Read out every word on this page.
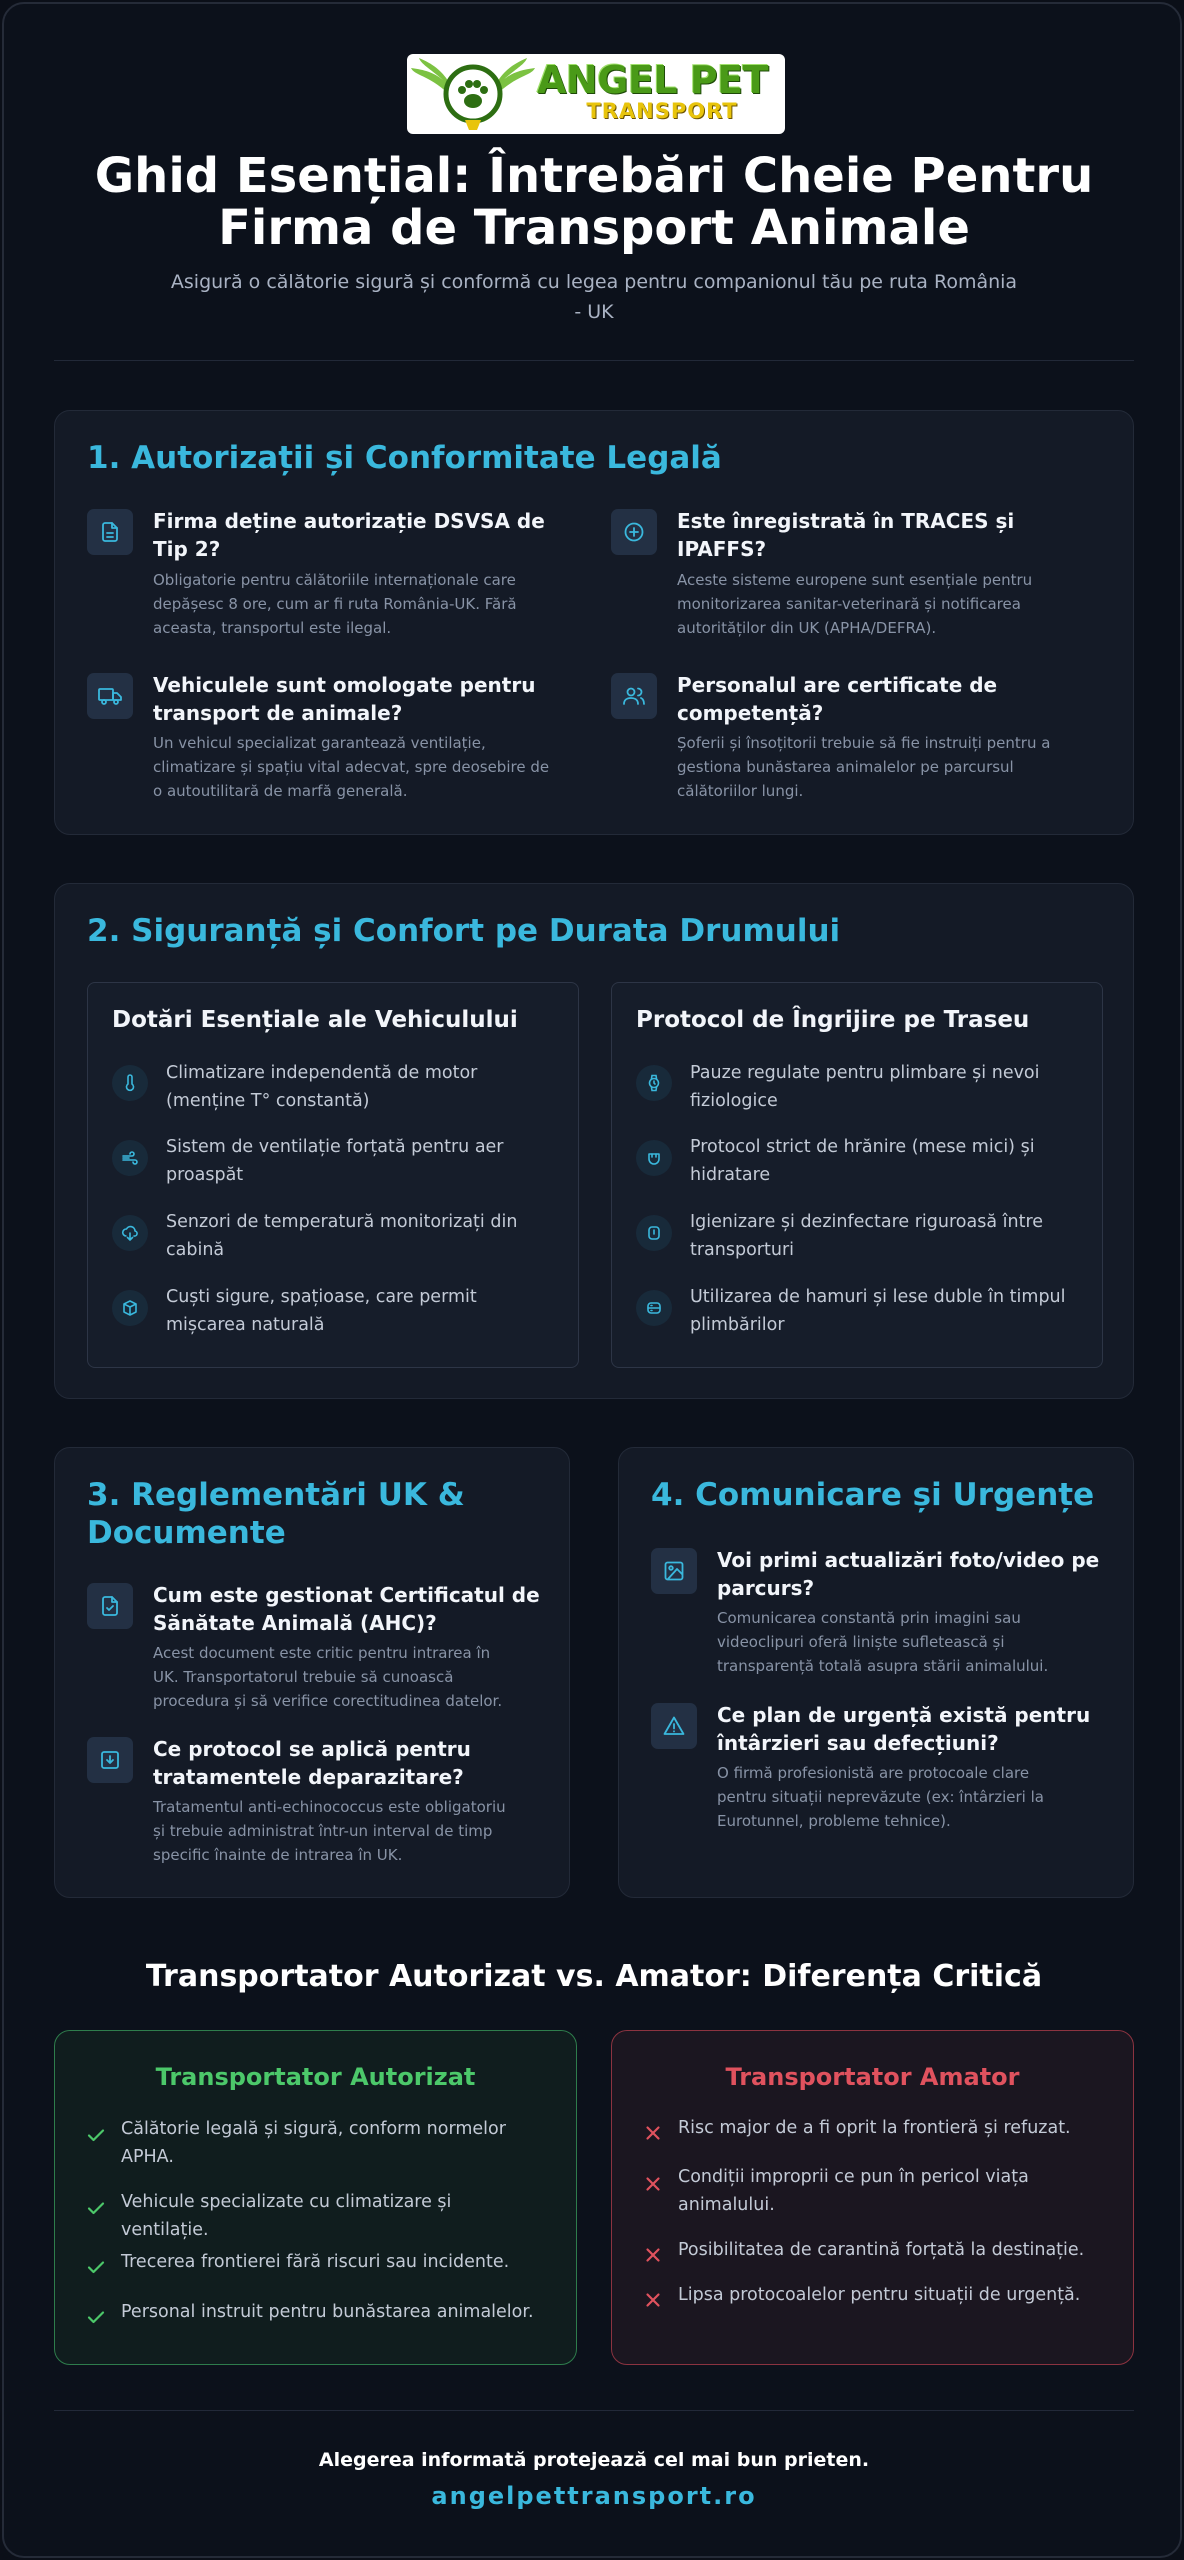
ANGEL PET
TRANSPORT
Ghid Esențial: Întrebări Cheie Pentru
Firma de Transport Animale
Asigură o călătorie sigură și conformă cu legea pentru companionul tău pe ruta România
- UK
1. Autorizații și Conformitate Legală
Firma deține autorizație DSVSA de
Tip 2?
Obligatorie pentru călătoriile internaționale care
depășesc 8 ore, cum ar fi ruta România-UK. Fără
aceasta, transportul este ilegal.
Este înregistrată în TRACES și
IPAFFS?
Aceste sisteme europene sunt esențiale pentru
monitorizarea sanitar-veterinară și notificarea
autorităților din UK (APHA/DEFRA).
Vehiculele sunt omologate pentru
transport de animale?
Un vehicul specializat garantează ventilație,
climatizare și spațiu vital adecvat, spre deosebire de
o autoutilitară de marfă generală.
Personalul are certificate de
competență?
Șoferii și însoțitorii trebuie să fie instruiți pentru a
gestiona bunăstarea animalelor pe parcursul
călătoriilor lungi.
2. Siguranță și Confort pe Durata Drumului
Dotări Esențiale ale Vehiculului
Climatizare independentă de motor
(menține T° constantă)
Sistem de ventilație forțată pentru aer
proaspăt
Senzori de temperatură monitorizați din
cabină
Cuști sigure, spațioase, care permit
mișcarea naturală
Protocol de Îngrijire pe Traseu
Pauze regulate pentru plimbare și nevoi
fiziologice
Protocol strict de hrănire (mese mici) și
hidratare
Igienizare și dezinfectare riguroasă între
transporturi
Utilizarea de hamuri și lese duble în timpul
plimbărilor
3. Reglementări UK &
Documente
Cum este gestionat Certificatul de
Sănătate Animală (AHC)?
Acest document este critic pentru intrarea în
UK. Transportatorul trebuie să cunoască
procedura și să verifice corectitudinea datelor.
Ce protocol se aplică pentru
tratamentele deparazitare?
Tratamentul anti-echinococcus este obligatoriu
și trebuie administrat într-un interval de timp
specific înainte de intrarea în UK.
4. Comunicare și Urgențe
Voi primi actualizări foto/video pe
parcurs?
Comunicarea constantă prin imagini sau
videoclipuri oferă liniște sufletească și
transparență totală asupra stării animalului.
Ce plan de urgență există pentru
întârzieri sau defecțiuni?
O firmă profesionistă are protocoale clare
pentru situații neprevăzute (ex: întârzieri la
Eurotunnel, probleme tehnice).
Transportator Autorizat vs. Amator: Diferența Critică
Transportator Autorizat
Călătorie legală și sigură, conform normelor
APHA.
Vehicule specializate cu climatizare și
ventilație.
Trecerea frontierei fără riscuri sau incidente.
Personal instruit pentru bunăstarea animalelor.
Transportator Amator
Risc major de a fi oprit la frontieră și refuzat.
Condiții improprii ce pun în pericol viața
animalului.
Posibilitatea de carantină forțată la destinație.
Lipsa protocoalelor pentru situații de urgență.
Alegerea informată protejează cel mai bun prieten.
angelpettransport.ro
